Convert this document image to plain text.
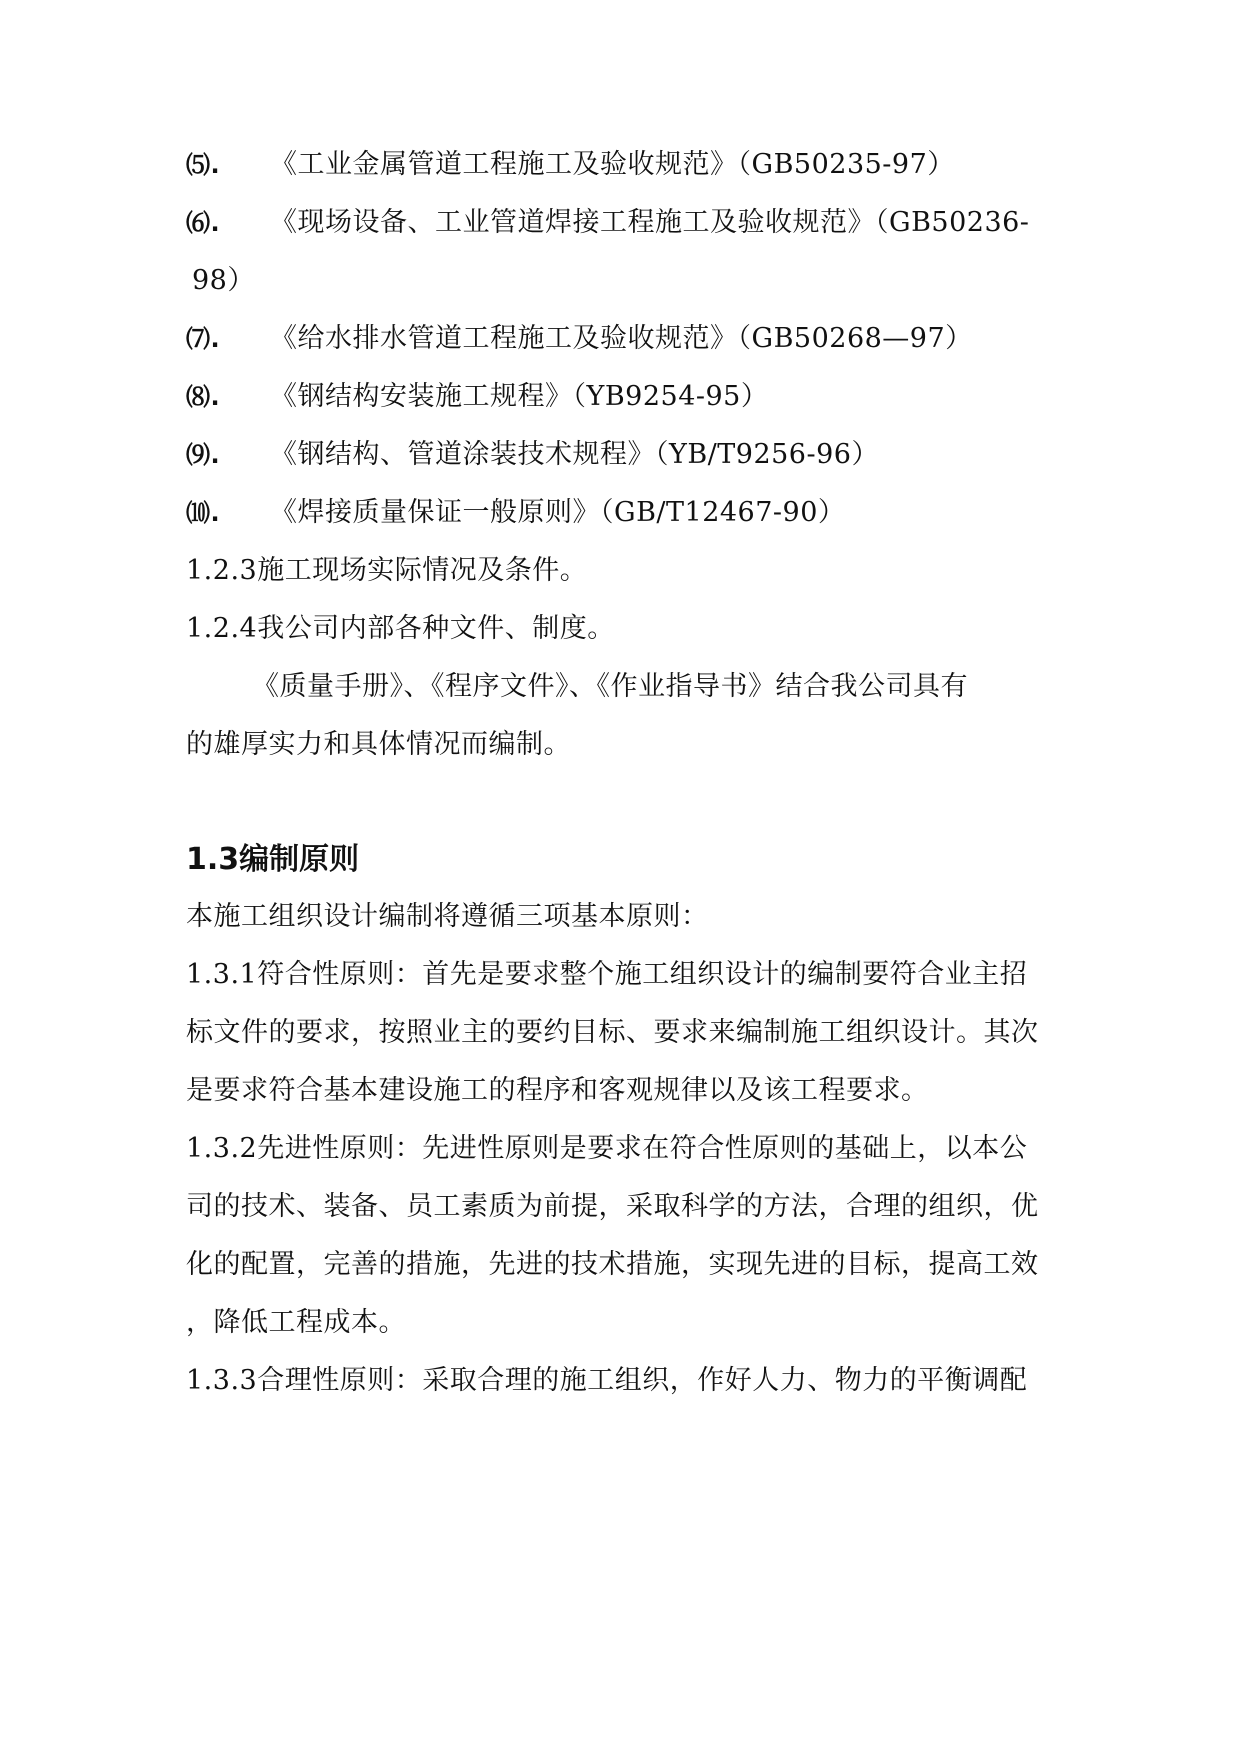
⑸. 《工业金属管道工程施工及验收规范》（GB50235-97）
⑹. 《现场设备、工业管道焊接工程施工及验收规范》（GB50236-
98）
⑺. 《给水排水管道工程施工及验收规范》（GB50268—97）
⑻. 《钢结构安装施工规程》（YB9254-95）
⑼. 《钢结构、管道涂装技术规程》（YB/T9256-96）
⑽. 《焊接质量保证一般原则》（GB/T12467-90）
1.2.3施工现场实际情况及条件。
1.2.4我公司内部各种文件、制度。
《质量手册》、《程序文件》、《作业指导书》结合我公司具有
的雄厚实力和具体情况而编制。
1.3编制原则
本施工组织设计编制将遵循三项基本原则：
1.3.1符合性原则：首先是要求整个施工组织设计的编制要符合业主招
标文件的要求，按照业主的要约目标、要求来编制施工组织设计。其次
是要求符合基本建设施工的程序和客观规律以及该工程要求。
1.3.2先进性原则：先进性原则是要求在符合性原则的基础上，以本公
司的技术、装备、员工素质为前提，采取科学的方法，合理的组织，优
化的配置，完善的措施，先进的技术措施，实现先进的目标，提高工效
，降低工程成本。
1.3.3合理性原则：采取合理的施工组织，作好人力、物力的平衡调配
